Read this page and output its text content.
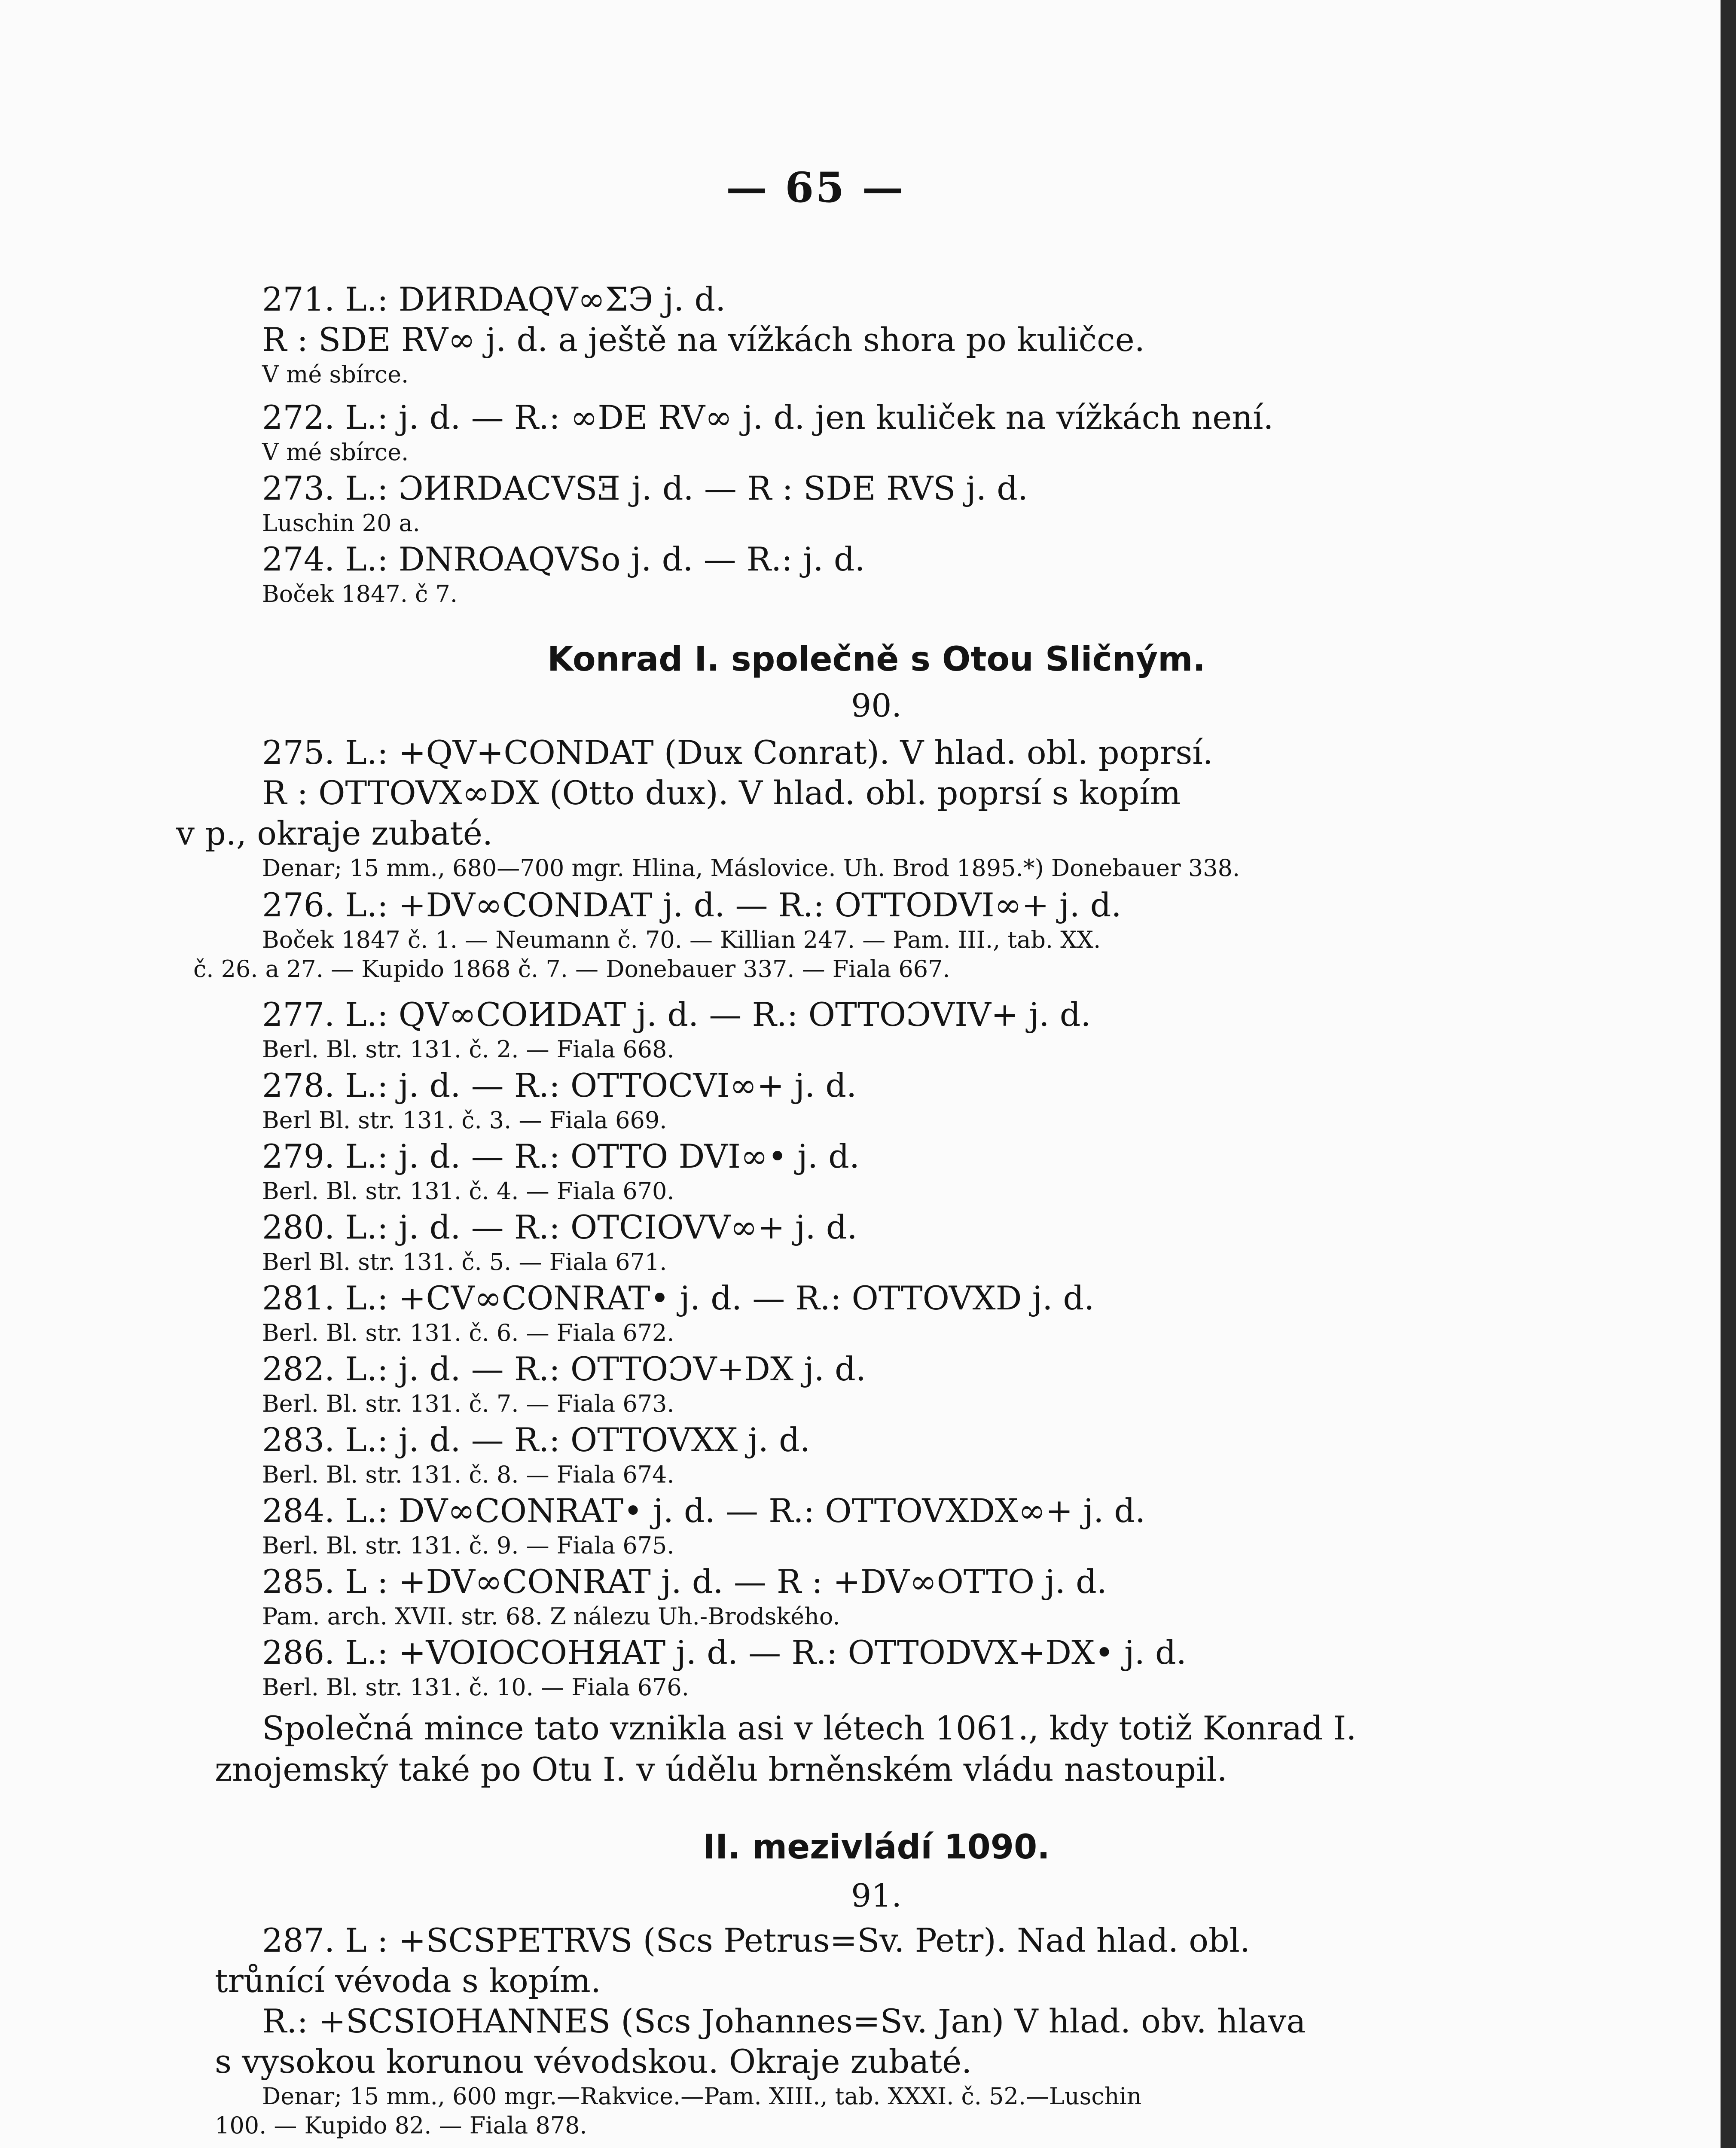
— 65 —
271. L.: DИRDAQV∞ΣЭ j. d.
R : SDE RV∞ j. d. a ještě na vížkách shora po kuličce.
V mé sbírce.
272. L.: j. d. — R.: ∞DE RV∞ j. d. jen kuliček na vížkách není.
V mé sbírce.
273. L.: ƆИRDACVSƎ j. d. — R : SDE RVS j. d.
Luschin 20 a.
274. L.: DNROAQVSo j. d. — R.: j. d.
Boček 1847. č 7.
Konrad I. společně s Otou Sličným.
90.
275. L.: +QV+CONDAT (Dux Conrat). V hlad. obl. poprsí.
R : OTTOVX∞DX (Otto dux). V hlad. obl. poprsí s kopím
v p., okraje zubaté.
Denar; 15 mm., 680—700 mgr. Hlina, Máslovice. Uh. Brod 1895.*) Donebauer 338.
276. L.: +DV∞CONDAT j. d. — R.: OTTODVI∞+ j. d.
Boček 1847 č. 1. — Neumann č. 70. — Killian 247. — Pam. III., tab. XX.
č. 26. a 27. — Kupido 1868 č. 7. — Donebauer 337. — Fiala 667.
277. L.: QV∞COИDAT j. d. — R.: OTTOƆVIV+ j. d.
Berl. Bl. str. 131. č. 2. — Fiala 668.
278. L.: j. d. — R.: OTTOCVI∞+ j. d.
Berl Bl. str. 131. č. 3. — Fiala 669.
279. L.: j. d. — R.: OTTO DVI∞• j. d.
Berl. Bl. str. 131. č. 4. — Fiala 670.
280. L.: j. d. — R.: OTCIOVV∞+ j. d.
Berl Bl. str. 131. č. 5. — Fiala 671.
281. L.: +CV∞CONRAT• j. d. — R.: OTTOVXD j. d.
Berl. Bl. str. 131. č. 6. — Fiala 672.
282. L.: j. d. — R.: OTTOƆV+DX j. d.
Berl. Bl. str. 131. č. 7. — Fiala 673.
283. L.: j. d. — R.: OTTOVXX j. d.
Berl. Bl. str. 131. č. 8. — Fiala 674.
284. L.: DV∞CONRAT• j. d. — R.: OTTOVXDX∞+ j. d.
Berl. Bl. str. 131. č. 9. — Fiala 675.
285. L : +DV∞CONRAT j. d. — R : +DV∞OTTO j. d.
Pam. arch. XVII. str. 68. Z nálezu Uh.-Brodského.
286. L.: +VOIOCOHЯAT j. d. — R.: OTTODVX+DX• j. d.
Berl. Bl. str. 131. č. 10. — Fiala 676.
Společná mince tato vznikla asi v létech 1061., kdy totiž Konrad I.
znojemský také po Otu I. v údělu brněnském vládu nastoupil.
II. mezivládí 1090.
91.
287. L : +SCSPETRVS (Scs Petrus=Sv. Petr). Nad hlad. obl.
trůnící vévoda s kopím.
R.: +SCSIOHANNES (Scs Johannes=Sv. Jan) V hlad. obv. hlava
s vysokou korunou vévodskou. Okraje zubaté.
Denar; 15 mm., 600 mgr.—Rakvice.—Pam. XIII., tab. XXXI. č. 52.—Luschin
100. — Kupido 82. — Fiala 878.
